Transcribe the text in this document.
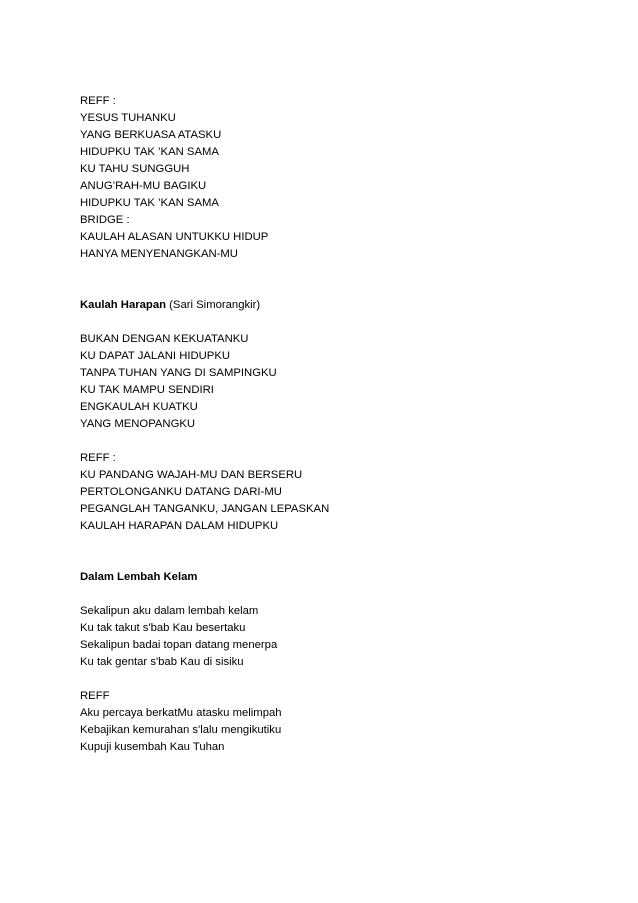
REFF :
YESUS TUHANKU
YANG BERKUASA ATASKU
HIDUPKU TAK ’KAN SAMA
KU TAHU SUNGGUH
ANUG’RAH-MU BAGIKU
HIDUPKU TAK ’KAN SAMA
BRIDGE :
KAULAH ALASAN UNTUKKU HIDUP
HANYA MENYENANGKAN-MU
Kaulah Harapan (Sari Simorangkir)
BUKAN DENGAN KEKUATANKU
KU DAPAT JALANI HIDUPKU
TANPA TUHAN YANG DI SAMPINGKU
KU TAK MAMPU SENDIRI
ENGKAULAH KUATKU
YANG MENOPANGKU
REFF :
KU PANDANG WAJAH-MU DAN BERSERU
PERTOLONGANKU DATANG DARI-MU
PEGANGLAH TANGANKU, JANGAN LEPASKAN
KAULAH HARAPAN DALAM HIDUPKU
Dalam Lembah Kelam
Sekalipun aku dalam lembah kelam
Ku tak takut s'bab Kau besertaku
Sekalipun badai topan datang menerpa
Ku tak gentar s'bab Kau di sisiku
REFF
Aku percaya berkatMu atasku melimpah
Kebajikan kemurahan s'lalu mengikutiku
Kupuji kusembah Kau Tuhan
